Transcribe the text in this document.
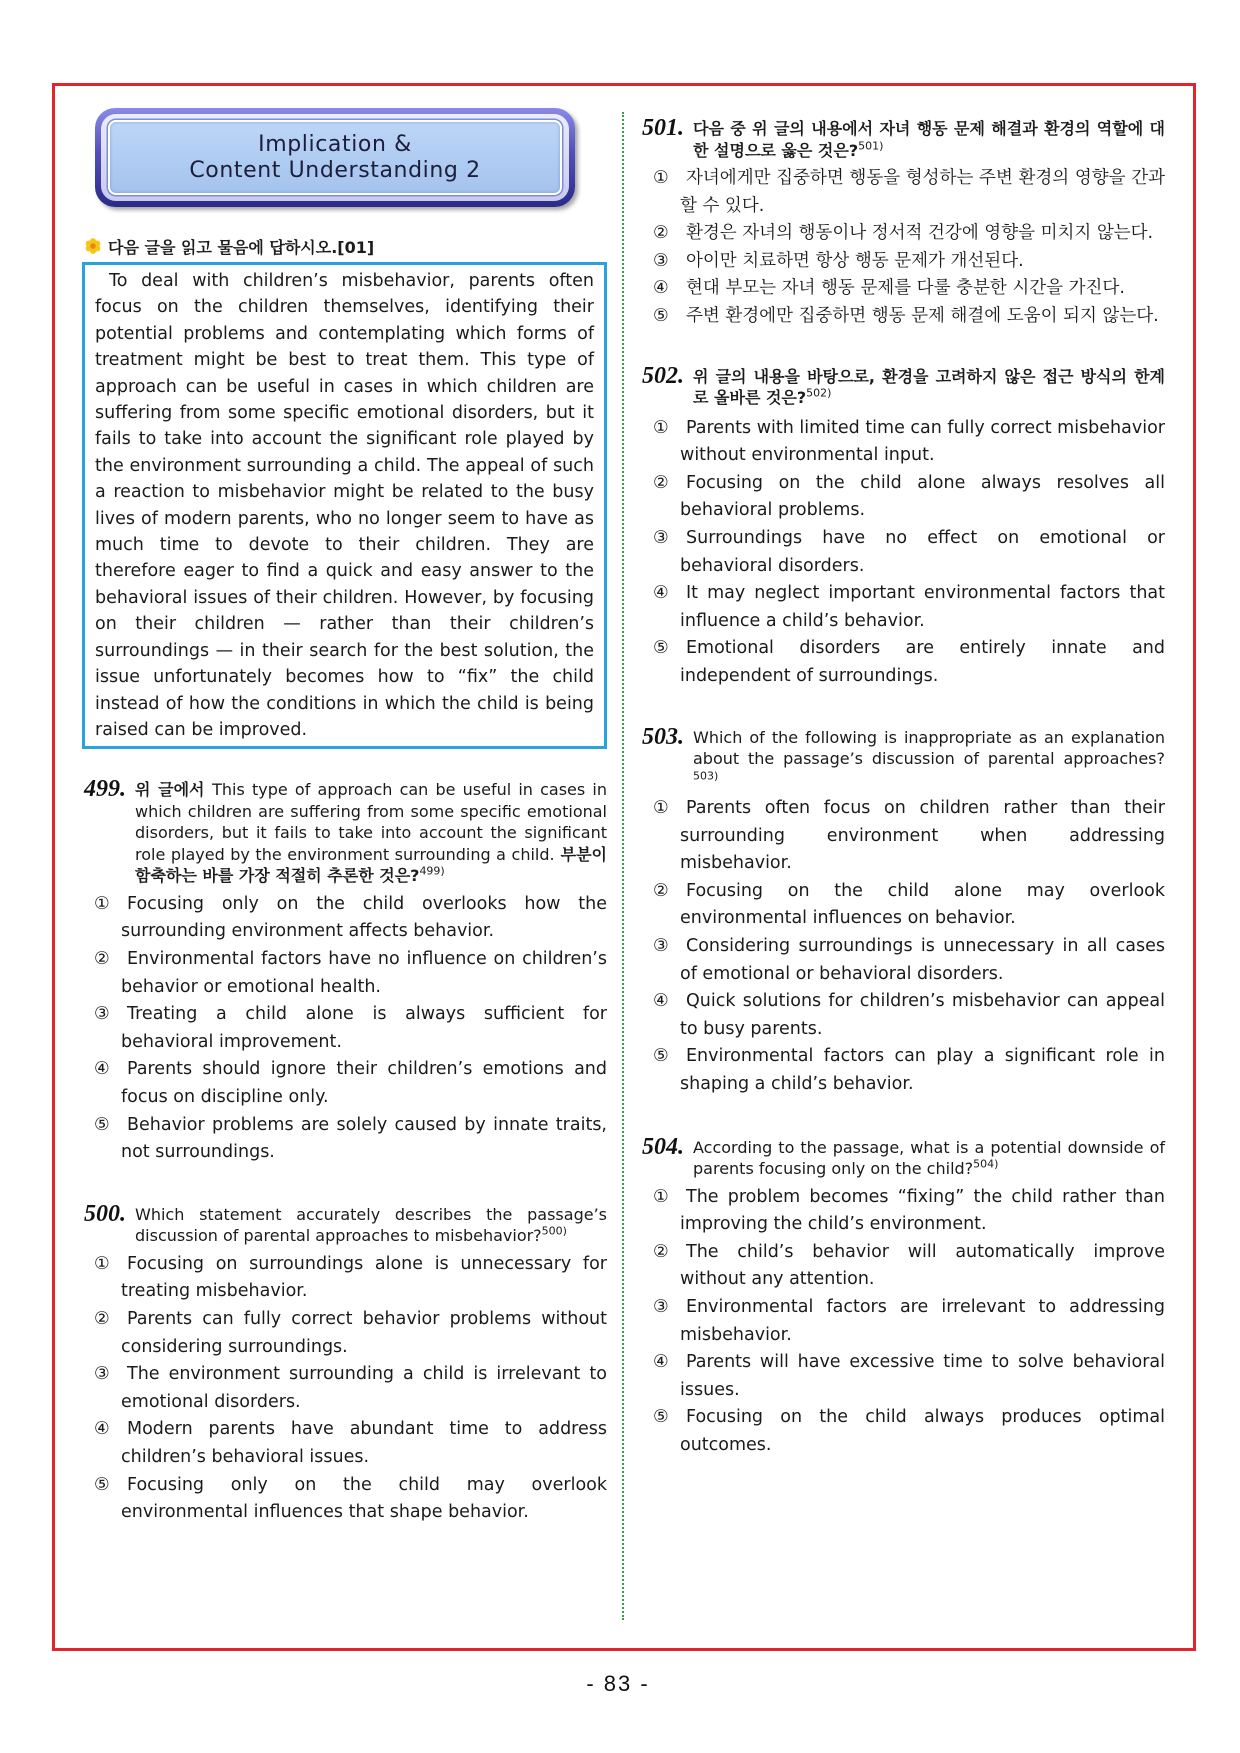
Implication &
Content Understanding 2
다음 글을 읽고 물음에 답하시오.[01]
To deal with children’s misbehavior, parents often focus on the children themselves, identifying their potential problems and contemplating which forms of treatment might be best to treat them. This type of approach can be useful in cases in which children are suffering from some specific emotional disorders, but it fails to take into account the significant role played by the environment surrounding a child. The appeal of such a reaction to misbehavior might be related to the busy lives of modern parents, who no longer seem to have as much time to devote to their children. They are therefore eager to find a quick and easy answer to the behavioral issues of their children. However, by focusing on their children — rather than their children’s surroundings — in their search for the best solution, the issue unfortunately becomes how to “fix” the child instead of how the conditions in which the child is being raised can be improved.
499. 위 글에서 This type of approach can be useful in cases in which children are suffering from some specific emotional disorders, but it fails to take into account the significant role played by the environment surrounding a child. 부분이 함축하는 바를 가장 적절히 추론한 것은?$^{499)}$
① Focusing only on the child overlooks how the surrounding environment affects behavior.
② Environmental factors have no influence on children’s behavior or emotional health.
③ Treating a child alone is always sufficient for behavioral improvement.
④ Parents should ignore their children’s emotions and focus on discipline only.
⑤ Behavior problems are solely caused by innate traits, not surroundings.
500. Which statement accurately describes the passage’s discussion of parental approaches to misbehavior?$^{500)}$
① Focusing on surroundings alone is unnecessary for treating misbehavior.
② Parents can fully correct behavior problems without considering surroundings.
③ The environment surrounding a child is irrelevant to emotional disorders.
④ Modern parents have abundant time to address children’s behavioral issues.
⑤ Focusing only on the child may overlook environmental influences that shape behavior.
501. 다음 중 위 글의 내용에서 자녀 행동 문제 해결과 환경의 역할에 대한 설명으로 옳은 것은?$^{501)}$
① 자녀에게만 집중하면 행동을 형성하는 주변 환경의 영향을 간과할 수 있다.
② 환경은 자녀의 행동이나 정서적 건강에 영향을 미치지 않는다.
③ 아이만 치료하면 항상 행동 문제가 개선된다.
④ 현대 부모는 자녀 행동 문제를 다룰 충분한 시간을 가진다.
⑤ 주변 환경에만 집중하면 행동 문제 해결에 도움이 되지 않는다.
502. 위 글의 내용을 바탕으로, 환경을 고려하지 않은 접근 방식의 한계로 올바른 것은?$^{502)}$
① Parents with limited time can fully correct misbehavior without environmental input.
② Focusing on the child alone always resolves all behavioral problems.
③ Surroundings have no effect on emotional or behavioral disorders.
④ It may neglect important environmental factors that influence a child’s behavior.
⑤ Emotional disorders are entirely innate and independent of surroundings.
503. Which of the following is inappropriate as an explanation about the passage’s discussion of parental approaches?$^{503)}$
① Parents often focus on children rather than their surrounding environment when addressing misbehavior.
② Focusing on the child alone may overlook environmental influences on behavior.
③ Considering surroundings is unnecessary in all cases of emotional or behavioral disorders.
④ Quick solutions for children’s misbehavior can appeal to busy parents.
⑤ Environmental factors can play a significant role in shaping a child’s behavior.
504. According to the passage, what is a potential downside of parents focusing only on the child?$^{504)}$
① The problem becomes “fixing” the child rather than improving the child’s environment.
② The child’s behavior will automatically improve without any attention.
③ Environmental factors are irrelevant to addressing misbehavior.
④ Parents will have excessive time to solve behavioral issues.
⑤ Focusing on the child always produces optimal outcomes.
- 83 -
